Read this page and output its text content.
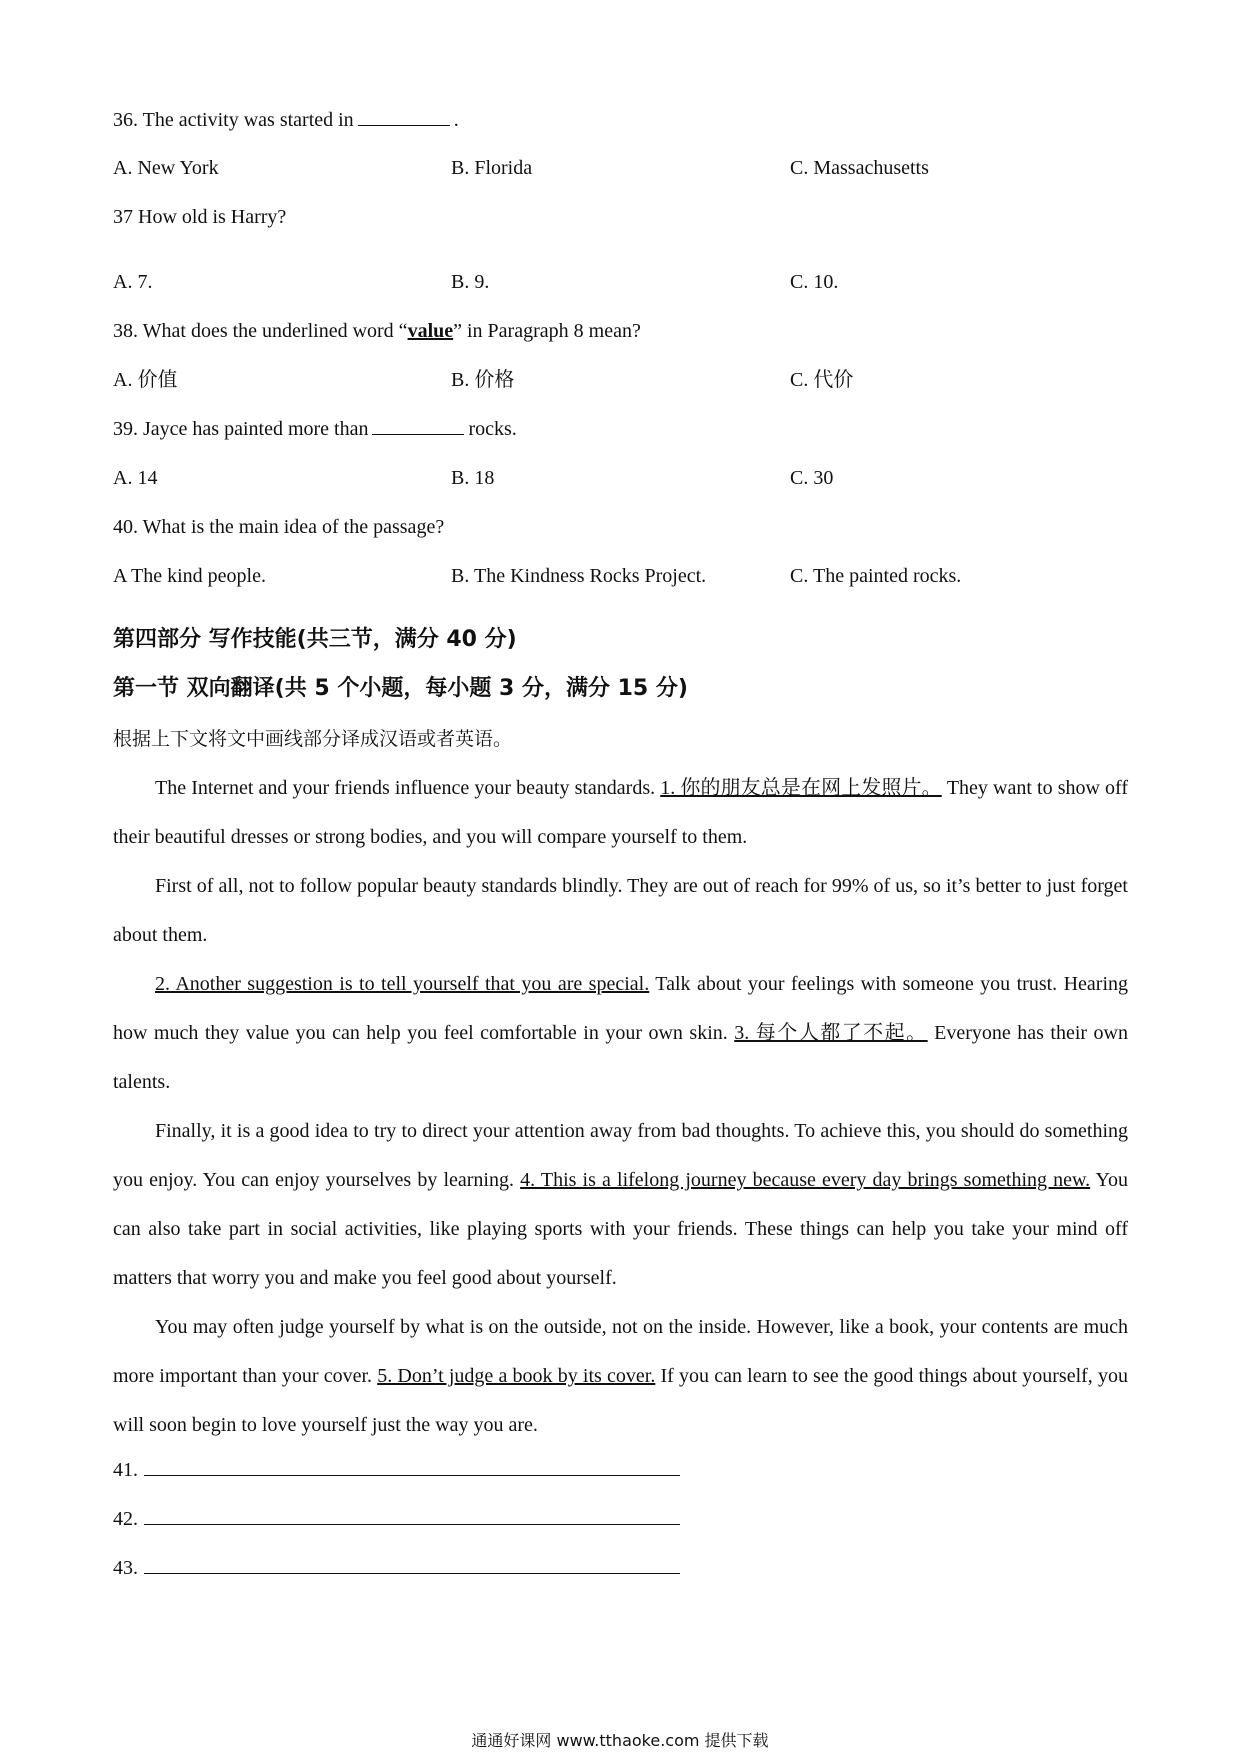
36. The activity was started in	.
A. New York	B. Florida	C. Massachusetts
37 How old is Harry?
A. 7.	B. 9.	C. 10.
38. What does the underlined word “value” in Paragraph 8 mean?
A. 价值	B. 价格	C. 代价
39. Jayce has painted more than	rocks.
A. 14	B. 18	C. 30
40. What is the main idea of the passage?
A The kind people.	B. The Kindness Rocks Project.	C. The painted rocks.
第四部分 写作技能(共三节，满分 40 分)
第一节 双向翻译(共 5 个小题，每小题 3 分，满分 15 分)
根据上下文将文中画线部分译成汉语或者英语。
The Internet and your friends influence your beauty standards. 1. 你的朋友总是在网上发照片。 They want to show off their beautiful dresses or strong bodies, and you will compare yourself to them.
First of all, not to follow popular beauty standards blindly. They are out of reach for 99% of us, so it’s better to just forget about them.
2. Another suggestion is to tell yourself that you are special. Talk about your feelings with someone you trust. Hearing how much they value you can help you feel comfortable in your own skin. 3. 每个人都了不起。 Everyone has their own talents.
Finally, it is a good idea to try to direct your attention away from bad thoughts. To achieve this, you should do something you enjoy. You can enjoy yourselves by learning. 4. This is a lifelong journey because every day brings something new. You can also take part in social activities, like playing sports with your friends. These things can help you take your mind off matters that worry you and make you feel good about yourself.
You may often judge yourself by what is on the outside, not on the inside. However, like a book, your contents are much more important than your cover. 5. Don’t judge a book by its cover. If you can learn to see the good things about yourself, you will soon begin to love yourself just the way you are.
41.
42.
43.
通通好课网 www.tthaoke.com 提供下载
